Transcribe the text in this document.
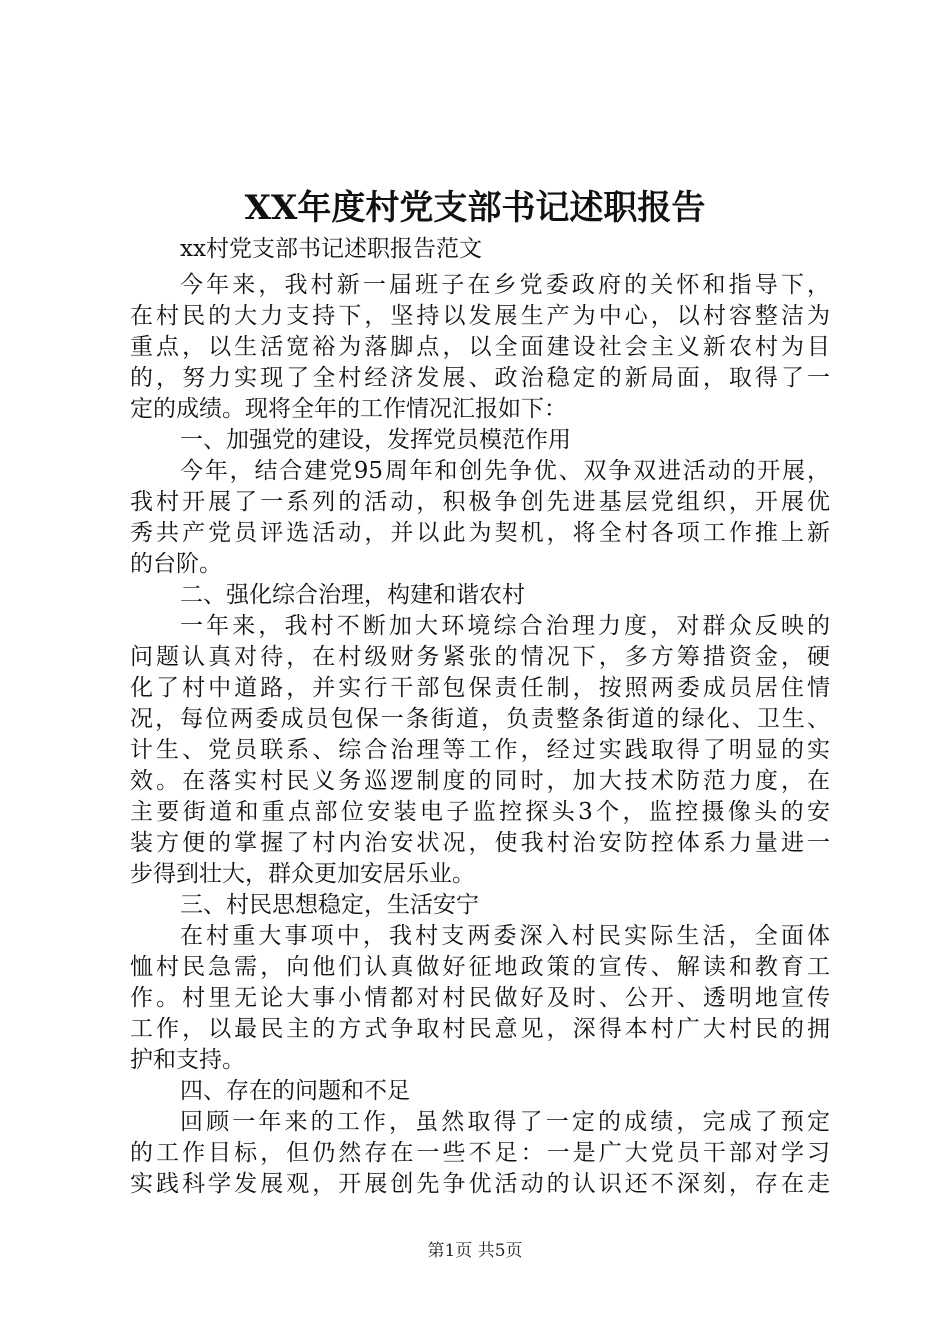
XX年度村党支部书记述职报告
xx村党支部书记述职报告范文
今年来，我村新一届班子在乡党委政府的关怀和指导下，
在村民的大力支持下，坚持以发展生产为中心，以村容整洁为
重点，以生活宽裕为落脚点，以全面建设社会主义新农村为目
的，努力实现了全村经济发展、政治稳定的新局面，取得了一
定的成绩。现将全年的工作情况汇报如下：
一、加强党的建设，发挥党员模范作用
今年，结合建党95周年和创先争优、双争双进活动的开展，
我村开展了一系列的活动，积极争创先进基层党组织，开展优
秀共产党员评选活动，并以此为契机，将全村各项工作推上新
的台阶。
二、强化综合治理，构建和谐农村
一年来，我村不断加大环境综合治理力度，对群众反映的
问题认真对待，在村级财务紧张的情况下，多方筹措资金，硬
化了村中道路，并实行干部包保责任制，按照两委成员居住情
况，每位两委成员包保一条街道，负责整条街道的绿化、卫生、
计生、党员联系、综合治理等工作，经过实践取得了明显的实
效。在落实村民义务巡逻制度的同时，加大技术防范力度，在
主要街道和重点部位安装电子监控探头3个，监控摄像头的安
装方便的掌握了村内治安状况，使我村治安防控体系力量进一
步得到壮大，群众更加安居乐业。
三、村民思想稳定，生活安宁
在村重大事项中，我村支两委深入村民实际生活，全面体
恤村民急需，向他们认真做好征地政策的宣传、解读和教育工
作。村里无论大事小情都对村民做好及时、公开、透明地宣传
工作，以最民主的方式争取村民意见，深得本村广大村民的拥
护和支持。
四、存在的问题和不足
回顾一年来的工作，虽然取得了一定的成绩，完成了预定
的工作目标，但仍然存在一些不足：一是广大党员干部对学习
实践科学发展观，开展创先争优活动的认识还不深刻，存在走
第1页 共5页
